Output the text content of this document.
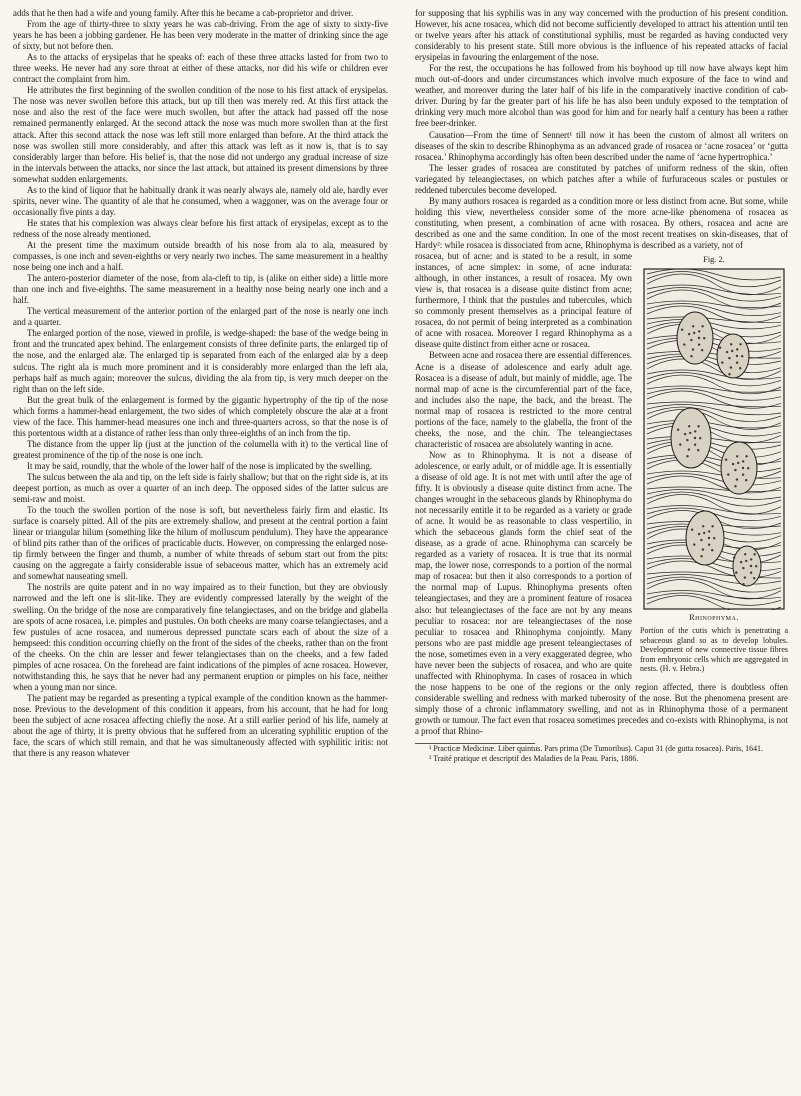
adds that he then had a wife and young family. After this he became a cab-proprietor and driver.

From the age of thirty-three to sixty years he was cab-driving. From the age of sixty to sixty-five years he has been a jobbing gardener. He has been very moderate in the matter of drinking since the age of sixty, but not before then.

As to the attacks of erysipelas that he speaks of: each of these three attacks lasted for from two to three weeks. He never had any sore throat at either of these attacks, nor did his wife or children ever contract the complaint from him.

He attributes the first beginning of the swollen condition of the nose to his first attack of erysipelas. The nose was never swollen before this attack, but up till then was merely red. At this first attack the nose and also the rest of the face were much swollen, but after the attack had passed off the nose remained permanently enlarged. At the second attack the nose was much more swollen than at the first attack. After this second attack the nose was left still more enlarged than before. At the third attack the nose was swollen still more considerably, and after this attack was left as it now is, that is to say considerably larger than before. His belief is, that the nose did not undergo any gradual increase of size in the intervals between the attacks, nor since the last attack, but attained its present dimensions by three somewhat sudden enlargements.

As to the kind of liquor that he habitually drank it was nearly always ale, namely old ale, hardly ever spirits, never wine. The quantity of ale that he consumed, when a waggoner, was on the average four or occasionally five pints a day.

He states that his complexion was always clear before his first attack of erysipelas, except as to the redness of the nose already mentioned.

At the present time the maximum outside breadth of his nose from ala to ala, measured by compasses, is one inch and seven-eighths or very nearly two inches. The same measurement in a healthy nose being one inch and a half.

The antero-posterior diameter of the nose, from ala-cleft to tip, is (alike on either side) a little more than one inch and five-eighths. The same measurement in a healthy nose being nearly one inch and a half.

The vertical measurement of the anterior portion of the enlarged part of the nose is nearly one inch and a quarter.

The enlarged portion of the nose, viewed in profile, is wedge-shaped: the base of the wedge being in front and the truncated apex behind. The enlargement consists of three definite parts, the enlarged tip of the nose, and the enlarged alæ. The enlarged tip is separated from each of the enlarged alæ by a deep sulcus. The right ala is much more prominent and it is considerably more enlarged than the left ala, perhaps half as much again; moreover the sulcus, dividing the ala from tip, is very much deeper on the right than on the left side.

But the great bulk of the enlargement is formed by the gigantic hypertrophy of the tip of the nose which forms a hammer-head enlargement, the two sides of which completely obscure the alæ at a front view of the face. This hammer-head measures one inch and three-quarters across, so that the nose is of this portentous width at a distance of rather less than only three-eighths of an inch from the tip.

The distance from the upper lip (just at the junction of the columella with it) to the vertical line of greatest prominence of the tip of the nose is one inch.

It may be said, roundly, that the whole of the lower half of the nose is implicated by the swelling.

The sulcus between the ala and tip, on the left side is fairly shallow; but that on the right side is, at its deepest portion, as much as over a quarter of an inch deep. The opposed sides of the latter sulcus are semi-raw and moist.

To the touch the swollen portion of the nose is soft, but nevertheless fairly firm and elastic. Its surface is coarsely pitted. All of the pits are extremely shallow, and present at the central portion a faint linear or triangular hilum (something like the hilum of molluscum pendulum). They have the appearance of blind pits rather than of the orifices of practicable ducts. However, on compressing the enlarged nose-tip firmly between the finger and thumb, a number of white threads of sebum start out from the pits: causing on the aggregate a fairly considerable issue of sebaceous matter, which has an extremely acid and somewhat nauseating smell.

The nostrils are quite patent and in no way impaired as to their function, but they are obviously narrowed and the left one is slit-like. They are evidently compressed laterally by the weight of the swelling. On the bridge of the nose are comparatively fine telangiectases, and on the bridge and glabella are spots of acne rosacea, i.e. pimples and pustules. On both cheeks are many coarse telangiectases, and a few pustules of acne rosacea, and numerous depressed punctate scars each of about the size of a hempseed: this condition occurring chiefly on the front of the sides of the cheeks, rather than on the front of the cheeks. On the chin are lesser and fewer telangiectases than on the cheeks, and a few faded pimples of acne rosacea. On the forehead are faint indications of the pimples of acne rosacea. However, notwithstanding this, he says that he never had any permanent eruption or pimples on his face, neither when a young man nor since.

The patient may be regarded as presenting a typical example of the condition known as the hammer-nose. Previous to the development of this condition it appears, from his account, that he had for long been the subject of acne rosacea affecting chiefly the nose. At a still earlier period of his life, namely at about the age of thirty, it is pretty obvious that he suffered from an ulcerating syphilitic eruption of the face, the scars of which still remain, and that he was simultaneously affected with syphilitic iritis: not that there is any reason whatever

for supposing that his syphilis was in any way concerned with the production of his present condition. However, his acne rosacea, which did not become sufficiently developed to attract his attention until ten or twelve years after his attack of constitutional syphilis, must be regarded as having conducted very considerably to his present state. Still more obvious is the influence of his repeated attacks of facial erysipelas in favouring the enlargement of the nose.

For the rest, the occupations he has followed from his boyhood up till now have always kept him much out-of-doors and under circumstances which involve much exposure of the face to wind and weather, and moreover during the later half of his life in the comparatively inactive condition of cab-driver. During by far the greater part of his life he has also been unduly exposed to the temptation of drinking very much more alcohol than was good for him and for nearly half a century has been a rather free beer-drinker.

Causation—From the time of Sennert¹ till now it has been the custom of almost all writers on diseases of the skin to describe Rhinophyma as an advanced grade of rosacea or ‘acne rosacea’ or ‘gutta rosacea.’ Rhinophyma accordingly has often been described under the name of ‘acne hypertrophica.’

The lesser grades of rosacea are constituted by patches of uniform redness of the skin, often variegated by teleangiectases, on which patches after a while of furfuraceous scales or pustules or reddened tubercules become developed.

By many authors rosacea is regarded as a condition more or less distinct from acne. But some, while holding this view, nevertheless consider some of the more acne-like phenomena of rosacea as constituting, when present, a combination of acne with rosacea. By others, rosacea and acne are described as one and the same condition. In one of the most recent treatises on skin-diseases, that of Hardy²: while rosacea is dissociated from acne, Rhinophyma is described as a variety, not of

Fig. 2.
Rhinophyma.
Portion of the cutis which is penetrating a sebaceous gland so as to develop lobules. Development of new connective tissue fibres from embryonic cells which are aggregated in nests. (H. v. Hebra.)

rosacea, but of acne: and is stated to be a result, in some instances, of acne simplex: in some, of acne indurata: although, in other instances, a result of rosacea. My own view is, that rosacea is a disease quite distinct from acne; furthermore, I think that the pustules and tubercules, which so commonly present themselves as a principal feature of rosacea, do not permit of being interpreted as a combination of acne with rosacea. Moreover I regard Rhinophyma as a disease quite distinct from either acne or rosacea.

Between acne and rosacea there are essential differences. Acne is a disease of adolescence and early adult age. Rosacea is a disease of adult, but mainly of middle, age. The normal map of acne is the circumferential part of the face, and includes also the nape, the back, and the breast. The normal map of rosacea is restricted to the more central portions of the face, namely to the glabella, the front of the cheeks, the nose, and the chin. The teleangiectases characteristic of rosacea are absolutely wanting in acne.

Now as to Rhinophyma. It is not a disease of adolescence, or early adult, or of middle age. It is essentially a disease of old age. It is not met with until after the age of fifty. It is obviously a disease quite distinct from acne. The changes wrought in the sebaceous glands by Rhinophyma do not necessarily entitle it to be regarded as a variety or grade of acne. It would be as reasonable to class vespertilio, in which the sebaceous glands form the chief seat of the disease, as a grade of acne. Rhinophyma can scarcely be regarded as a variety of rosacea. It is true that its normal map, the lower nose, corresponds to a portion of the normal map of rosacea: but then it also corresponds to a portion of the normal map of Lupus. Rhinophyma presents often teleangiectases, and they are a prominent feature of rosacea also: but teleangiectases of the face are not by any means peculiar to rosacea: nor are teleangiectases of the nose peculiar to rosacea and Rhinophyma conjointly. Many persons who are past middle age present teleangiectases of the nose, sometimes even in a very exaggerated degree, who have never been the subjects of rosacea, and who are quite unaffected with Rhinophyma. In cases of rosacea in which the nose happens to be one of the regions or the only region affected, there is doubtless often considerable swelling and redness with marked tuberosity of the nose. But the phenomena present are simply those of a chronic inflammatory swelling, and not as in Rhinophyma those of a permanent growth or tumour. The fact even that rosacea sometimes precedes and co-exists with Rhinophyma, is not a proof that Rhino-

¹ Practicæ Medicinæ. Liber quintus. Pars prima (De Tumoribus). Caput 31 (de gutta rosacea). Paris, 1641.

² Traité pratique et descriptif des Maladies de la Peau. Paris, 1886.
